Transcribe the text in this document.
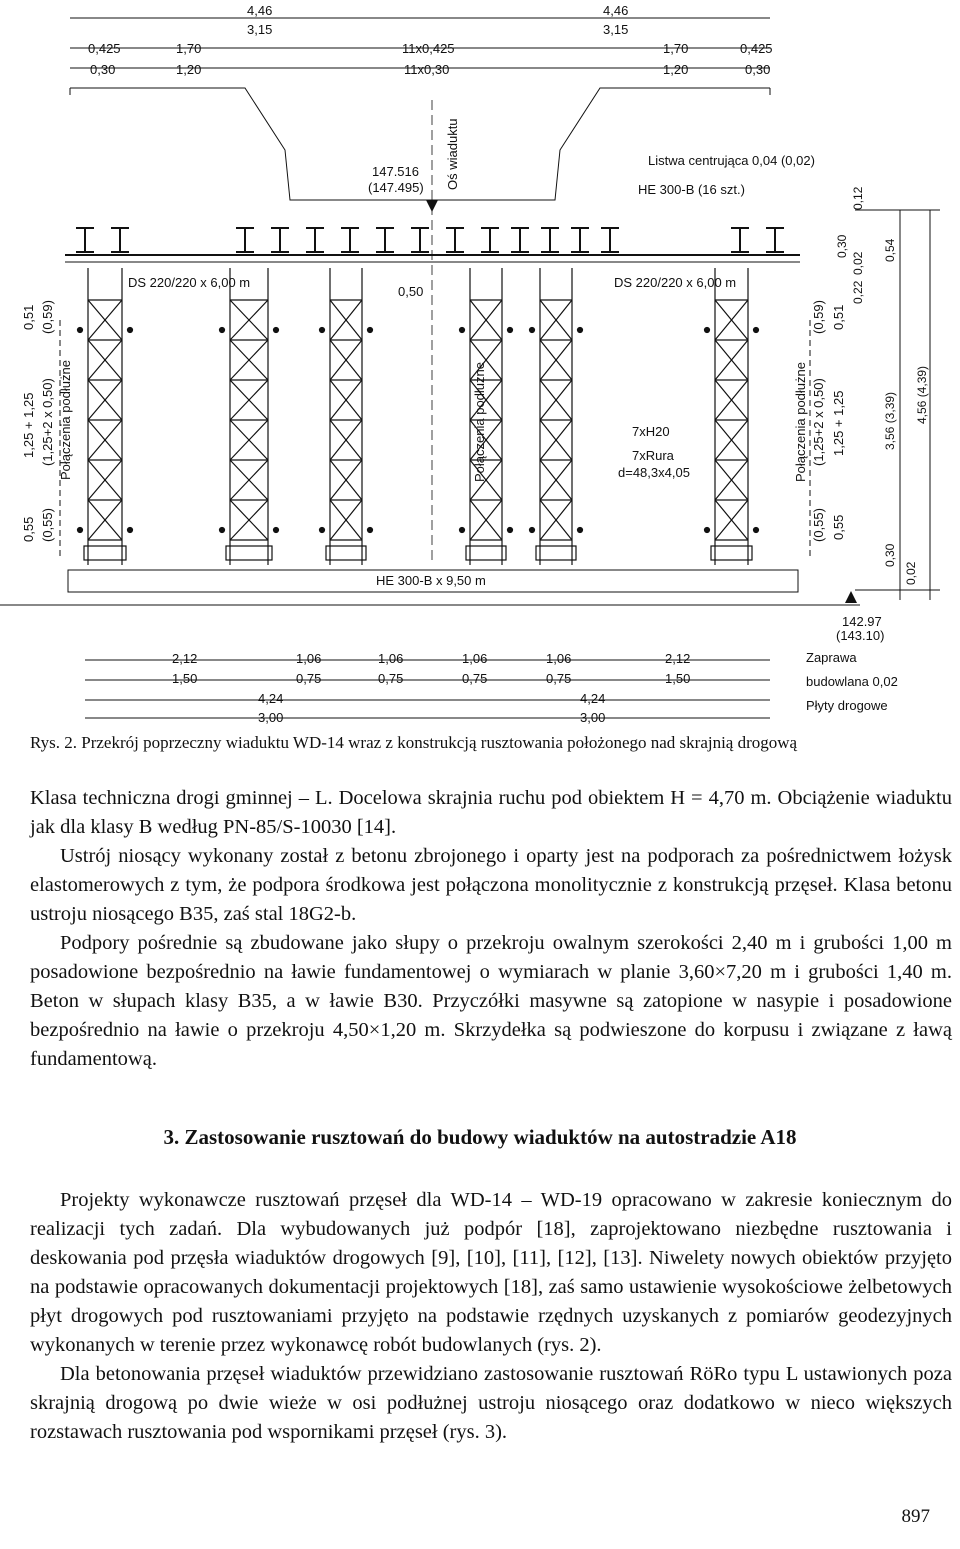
4,46
3,15
0,425	1,70
0,30	1,20
11x0,425
11x0,30
4,46
3,15
1,70	0,425
1,20	0,30
147.516
(147.495) Oś wiaduktu	Listwa centrująca 0,04 (0,02)
HE 300-B (16 szt.)
DS 220/220 x 6,00 m	DS 220/220 x 6,00 m
0,50
0,51 (0,59)
1,25 + 1,25 (1,25+2 x 0,50) Połączenia podłużne
0,55 (0,55)
Połączenia podłużne	7xH20
7xRura
d=48,3x4,05
(0,59) 0,51
Połączenia podłużne (1,25+2 x 0,50) 1,25 + 1,25
(0,55) 0,55
0,30
0,02
0,22
0,12
0,54
3,56 (3,39) 4,56 (4,39)
0,30
0,02
HE 300-B x 9,50 m
142.97
(143.10)
Zaprawa
budowlana 0,02
Płyty drogowe
2,12	1,06	1,06	1,06	1,06	2,12
1,50	0,75	0,75	0,75	0,75	1,50
4,24	4,24
3,00	3,00
Rys. 2. Przekrój poprzeczny wiaduktu WD-14 wraz z konstrukcją rusztowania położonego nad skrajnią drogową

Klasa techniczna drogi gminnej – L. Docelowa skrajnia ruchu pod obiektem H = 4,70 m. Obciążenie wiaduktu jak dla klasy B według PN-85/S-10030 [14].

Ustrój niosący wykonany został z betonu zbrojonego i oparty jest na podporach za pośrednictwem łożysk elastomerowych z tym, że podpora środkowa jest połączona monolitycznie z konstrukcją przęseł. Klasa betonu ustroju niosącego B35, zaś stal 18G2-b.

Podpory pośrednie są zbudowane jako słupy o przekroju owalnym szerokości 2,40 m i grubości 1,00 m posadowione bezpośrednio na ławie fundamentowej o wymiarach w planie 3,60×7,20 m i grubości 1,40 m. Beton w słupach klasy B35, a w ławie B30. Przyczółki masywne są zatopione w nasypie i posadowione bezpośrednio na ławie o przekroju 4,50×1,20 m. Skrzydełka są podwieszone do korpusu i związane z ławą fundamentową.

3. Zastosowanie rusztowań do budowy wiaduktów na autostradzie A18

Projekty wykonawcze rusztowań przęseł dla WD-14 – WD-19 opracowano w zakresie koniecznym do realizacji tych zadań. Dla wybudowanych już podpór [18], zaprojektowano niezbędne rusztowania i deskowania pod przęsła wiaduktów drogowych [9], [10], [11], [12], [13]. Niwelety nowych obiektów przyjęto na podstawie opracowanych dokumentacji projektowych [18], zaś samo ustawienie wysokościowe żelbetowych płyt drogowych pod rusztowaniami przyjęto na podstawie rzędnych uzyskanych z pomiarów geodezyjnych wykonanych w terenie przez wykonawcę robót budowlanych (rys. 2).

Dla betonowania przęseł wiaduktów przewidziano zastosowanie rusztowań RöRo typu L ustawionych poza skrajnią drogową po dwie wieże w osi podłużnej ustroju niosącego oraz dodatkowo w nieco większych rozstawach rusztowania pod wspornikami przęseł (rys. 3).

897
